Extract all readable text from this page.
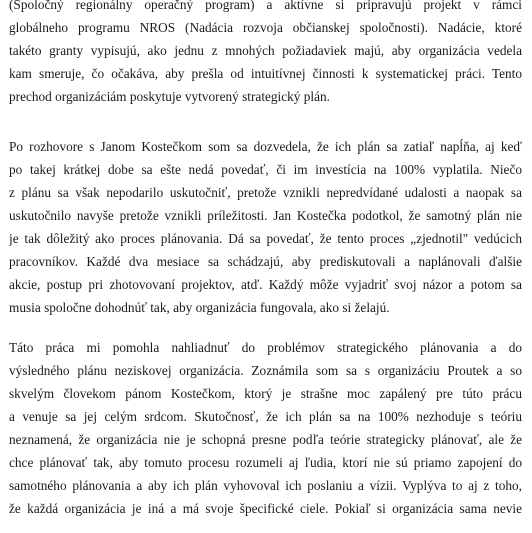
(Spoločný regionálny operačný program) a aktívne si pripravujú projekt v rámci
globálneho programu NROS (Nadácia rozvoja občianskej spoločnosti). Nadácie, ktoré
takéto granty vypisujú, ako jednu z mnohých požiadaviek majú, aby organizácia vedela
kam smeruje, čo očakáva, aby prešla od intuitívnej činnosti k systematickej práci. Tento
prechod organizáciám poskytuje vytvorený strategický plán.
Po rozhovore s Janom Kostečkom som sa dozvedela, že ich plán sa zatiaľ napĺňa, aj keď
po takej krátkej dobe sa ešte nedá povedať, či im investícia na 100% vyplatila. Niečo
z plánu sa však nepodarilo uskutočniť, pretože vznikli nepredvídané udalosti a naopak sa
uskutočnilo navyše pretože vznikli príležitosti. Jan Kostečka podotkol, že samotný plán nie
je tak dôležitý ako proces plánovania. Dá sa povedať, že tento proces „zjednotil" vedúcich
pracovníkov. Každé dva mesiace sa schádzajú, aby prediskutovali a naplánovali ďalšie
akcie, postup pri zhotovovaní projektov, atď. Každý môže vyjadriť svoj názor a potom sa
musia spoločne dohodnúť tak, aby organizácia fungovala, ako si želajú.
Táto práca mi pomohla nahliadnuť do problémov strategického plánovania a do
výsledného plánu neziskovej organizácia. Zoznámila som sa s organizáciu Proutek a so
skvelým človekom pánom Kostečkom, ktorý je strašne moc zapálený pre túto prácu
a venuje sa jej celým srdcom. Skutočnosť, že ich plán sa na 100% nezhoduje s teóriu
neznamená, že organizácia nie je schopná presne podľa teórie strategicky plánovať, ale že
chce plánovať tak, aby tomuto procesu rozumeli aj ľudia, ktorí nie sú priamo zapojení do
samotného plánovania a aby ich plán vyhovoval ich poslaniu a vízii. Vyplýva to aj z toho,
že každá organizácia je iná a má svoje špecifické ciele. Pokiaľ si organizácia sama nevie
